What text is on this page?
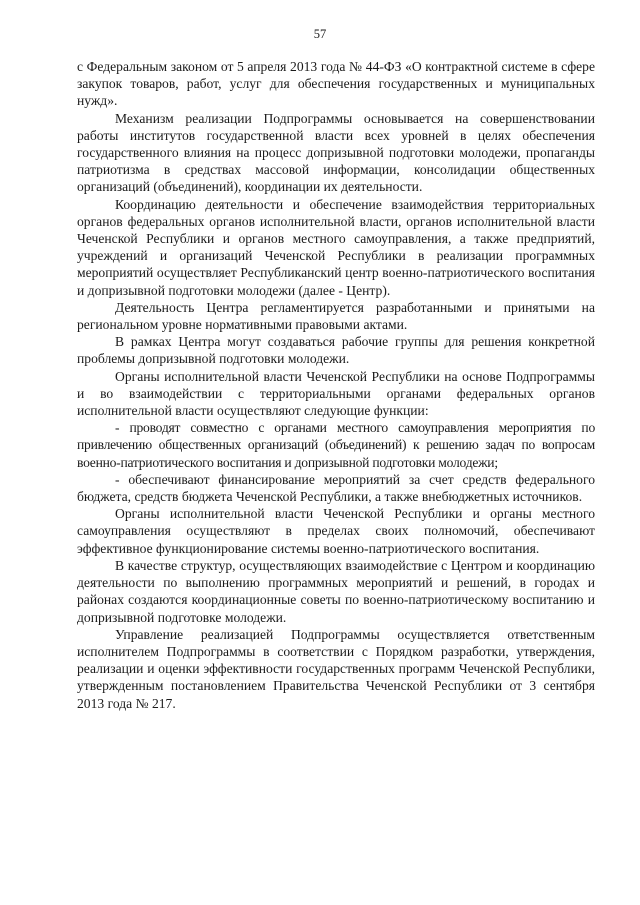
57

с Федеральным законом от 5 апреля 2013 года № 44-ФЗ «О контрактной системе в сфере закупок товаров, работ, услуг для обеспечения государственных и муниципальных нужд».

Механизм реализации Подпрограммы основывается на совершенствовании работы институтов государственной власти всех уровней в целях обеспечения государственного влияния на процесс допризывной подготовки молодежи, пропаганды патриотизма в средствах массовой информации, консолидации общественных организаций (объединений), координации их деятельности.

Координацию деятельности и обеспечение взаимодействия территориальных органов федеральных органов исполнительной власти, органов исполнительной власти Чеченской Республики и органов местного самоуправления, а также предприятий, учреждений и организаций Чеченской Республики в реализации программных мероприятий осуществляет Республиканский центр военно-патриотического воспитания и допризывной подготовки молодежи (далее - Центр).

Деятельность Центра регламентируется разработанными и принятыми на региональном уровне нормативными правовыми актами.

В рамках Центра могут создаваться рабочие группы для решения конкретной проблемы допризывной подготовки молодежи.

Органы исполнительной власти Чеченской Республики на основе Подпрограммы и во взаимодействии с территориальными органами федеральных органов исполнительной власти осуществляют следующие функции:

- проводят совместно с органами местного самоуправления мероприятия по привлечению общественных организаций (объединений) к решению задач по вопросам военно-патриотического воспитания и допризывной подготовки молодежи;

- обеспечивают финансирование мероприятий за счет средств федерального бюджета, средств бюджета Чеченской Республики, а также внебюджетных источников.

Органы исполнительной власти Чеченской Республики и органы местного самоуправления осуществляют в пределах своих полномочий, обеспечивают эффективное функционирование системы военно-патриотического воспитания.

В качестве структур, осуществляющих взаимодействие с Центром и координацию деятельности по выполнению программных мероприятий и решений, в городах и районах создаются координационные советы по военно-патриотическому воспитанию и допризывной подготовке молодежи.

Управление реализацией Подпрограммы осуществляется ответственным исполнителем Подпрограммы в соответствии с Порядком разработки, утверждения, реализации и оценки эффективности государственных программ Чеченской Республики, утвержденным постановлением Правительства Чеченской Республики от 3 сентября 2013 года № 217.
